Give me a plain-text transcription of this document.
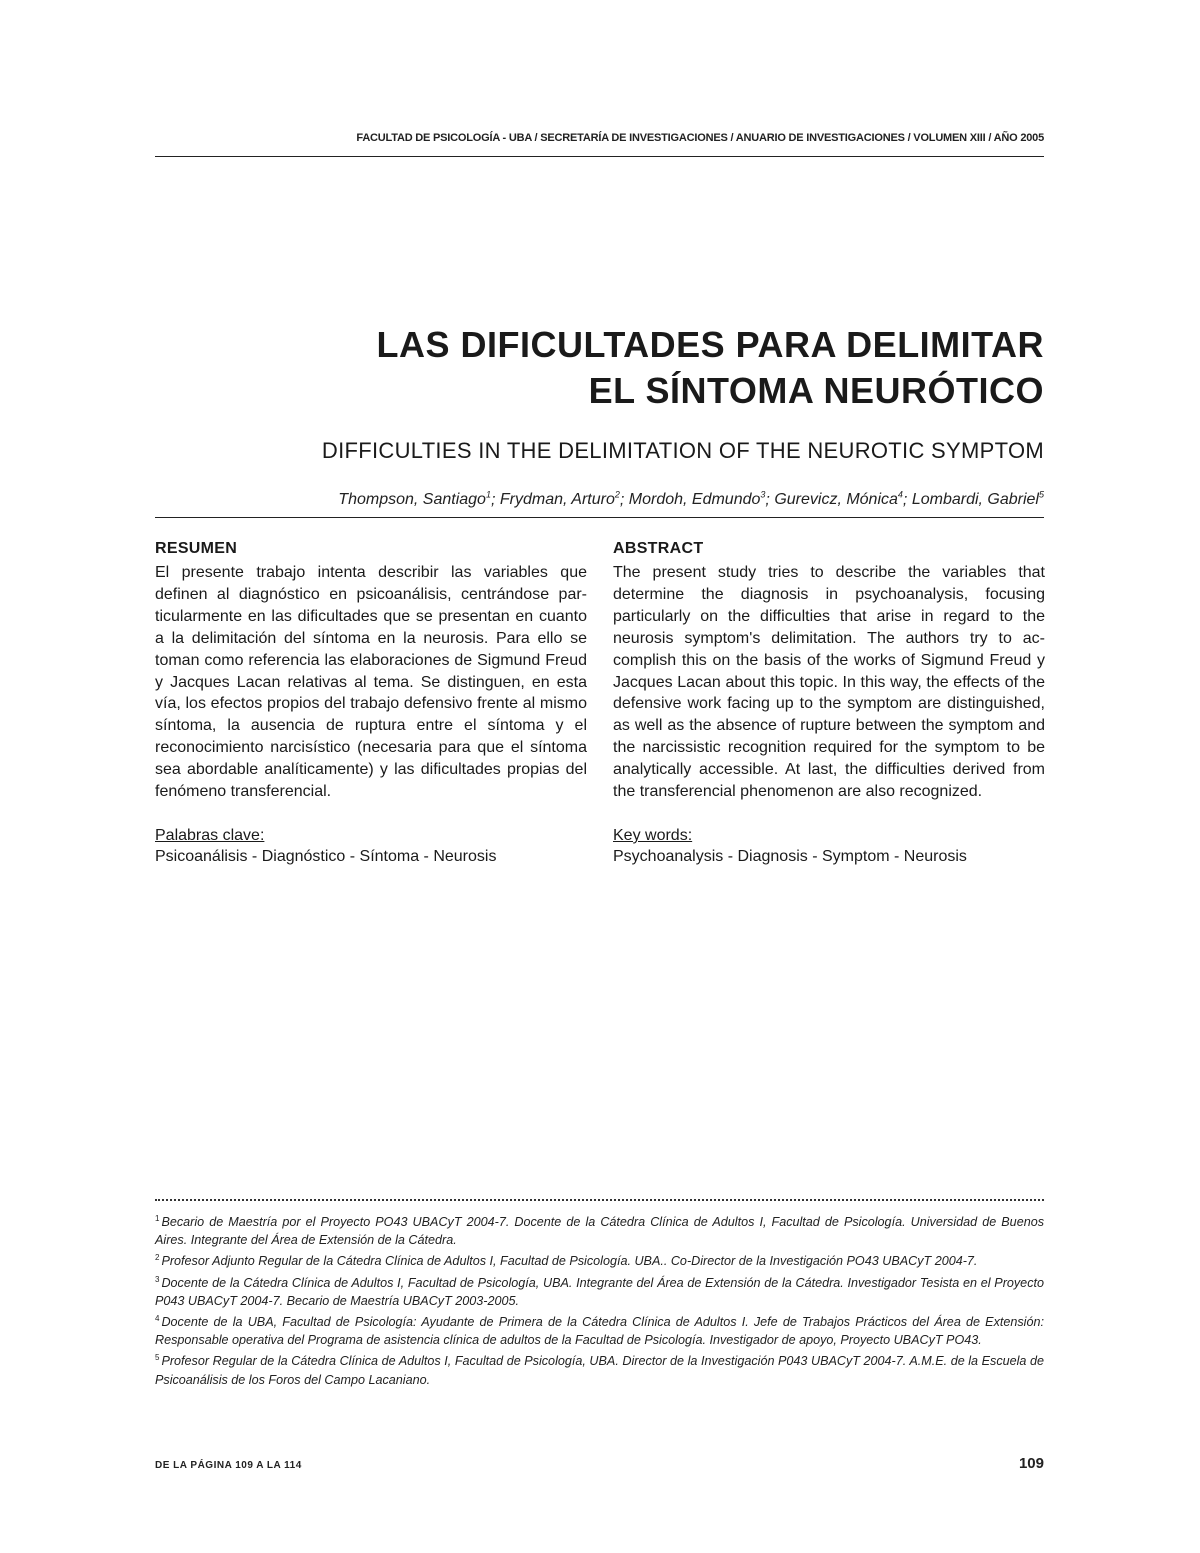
FACULTAD DE PSICOLOGÍA - UBA / SECRETARÍA DE INVESTIGACIONES / ANUARIO DE INVESTIGACIONES / VOLUMEN XIII / AÑO 2005
LAS DIFICULTADES PARA DELIMITAR
EL SÍNTOMA NEURÓTICO
DIFFICULTIES IN THE DELIMITATION OF THE NEUROTIC SYMPTOM
Thompson, Santiago$^1$; Frydman, Arturo$^2$; Mordoh, Edmundo$^3$; Gurevicz, Mónica$^4$; Lombardi, Gabriel$^5$
RESUMEN

El presente trabajo intenta describir las variables que definen al diagnóstico en psicoanálisis, centrándose particularmente en las dificultades que se presentan en cuanto a la delimitación del síntoma en la neurosis. Para ello se toman como referencia las elaboraciones de Sigmund Freud y Jacques Lacan relativas al tema. Se distinguen, en esta vía, los efectos propios del trabajo defensivo frente al mismo síntoma, la ausencia de ruptura entre el síntoma y el reconocimiento narcisístico (necesaria para que el síntoma sea abordable analíticamente) y las dificultades propias del fenómeno transferencial.

Palabras clave:
Psicoanálisis - Diagnóstico - Síntoma - Neurosis
ABSTRACT

The present study tries to describe the variables that determine the diagnosis in psychoanalysis, focusing particularly on the difficulties that arise in regard to the neurosis symptom's delimitation. The authors try to accomplish this on the basis of the works of Sigmund Freud y Jacques Lacan about this topic. In this way, the effects of the defensive work facing up to the symptom are distinguished, as well as the absence of rupture between the symptom and the narcissistic recognition required for the symptom to be analytically accessible. At last, the difficulties derived from the transferencial phenomenon are also recognized.

Key words:
Psychoanalysis - Diagnosis - Symptom - Neurosis

$^1$ Becario de Maestría por el Proyecto PO43 UBACyT 2004-7. Docente de la Cátedra Clínica de Adultos I, Facultad de Psicología. Universidad de Buenos Aires. Integrante del Área de Extensión de la Cátedra.

$^2$ Profesor Adjunto Regular de la Cátedra Clínica de Adultos I, Facultad de Psicología. UBA.. Co-Director de la Investigación PO43 UBACyT 2004-7.

$^3$ Docente de la Cátedra Clínica de Adultos I, Facultad de Psicología, UBA. Integrante del Área de Extensión de la Cátedra. Investigador Tesista en el Proyecto P043 UBACyT 2004-7. Becario de Maestría UBACyT 2003-2005.

$^4$ Docente de la UBA, Facultad de Psicología: Ayudante de Primera de la Cátedra Clínica de Adultos I. Jefe de Trabajos Prácticos del Área de Extensión: Responsable operativa del Programa de asistencia clínica de adultos de la Facultad de Psicología. Investigador de apoyo, Proyecto UBACyT PO43.

$^5$ Profesor Regular de la Cátedra Clínica de Adultos I, Facultad de Psicología, UBA. Director de la Investigación P043 UBACyT 2004-7. A.M.E. de la Escuela de Psicoanálisis de los Foros del Campo Lacaniano.

DE LA PÁGINA 109 A LA 114	109
